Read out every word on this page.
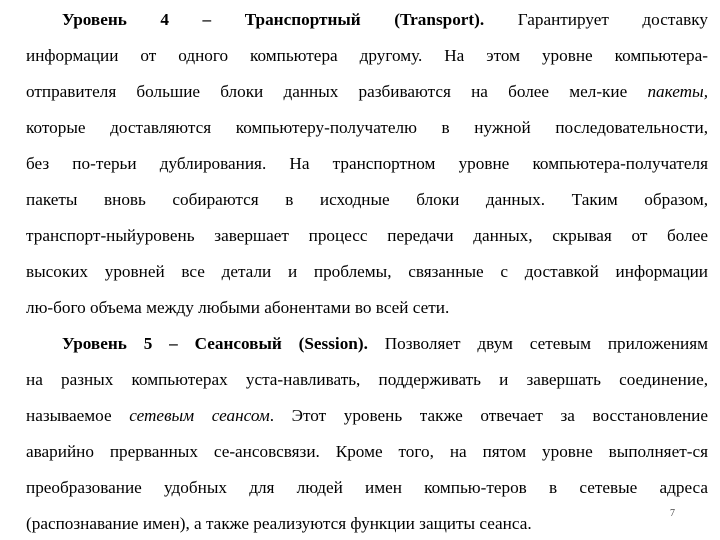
Уровень 4 – Транспортный (Transport). Гарантирует доставку
информации от одного компьютера другому. На этом уровне компьютера-
отправителя большие блоки данных разбиваются на более мел-кие пакеты,
которые доставляются компьютеру-получателю в нужной последовательности,
без по-терьи дублирования. На транспортном уровне компьютера-получателя
пакеты вновь собираются в исходные блоки данных. Таким образом,
транспорт-ныйуровень завершает процесс передачи данных, скрывая от более
высоких уровней все детали и проблемы, связанные с доставкой информации
лю-бого объема между любыми абонентами во всей сети.
Уровень 5 – Сеансовый (Session). Позволяет двум сетевым приложениям
на разных компьютерах уста-навливать, поддерживать и завершать соединение,
называемое сетевым сеансом. Этот уровень также отвечает за восстановление
аварийно прерванных се-ансовсвязи. Кроме того, на пятом уровне выполняет-ся
преобразование удобных для людей имен компью-теров в сетевые адреса
(распознавание имен), а также реализуются функции защиты сеанса.
7
